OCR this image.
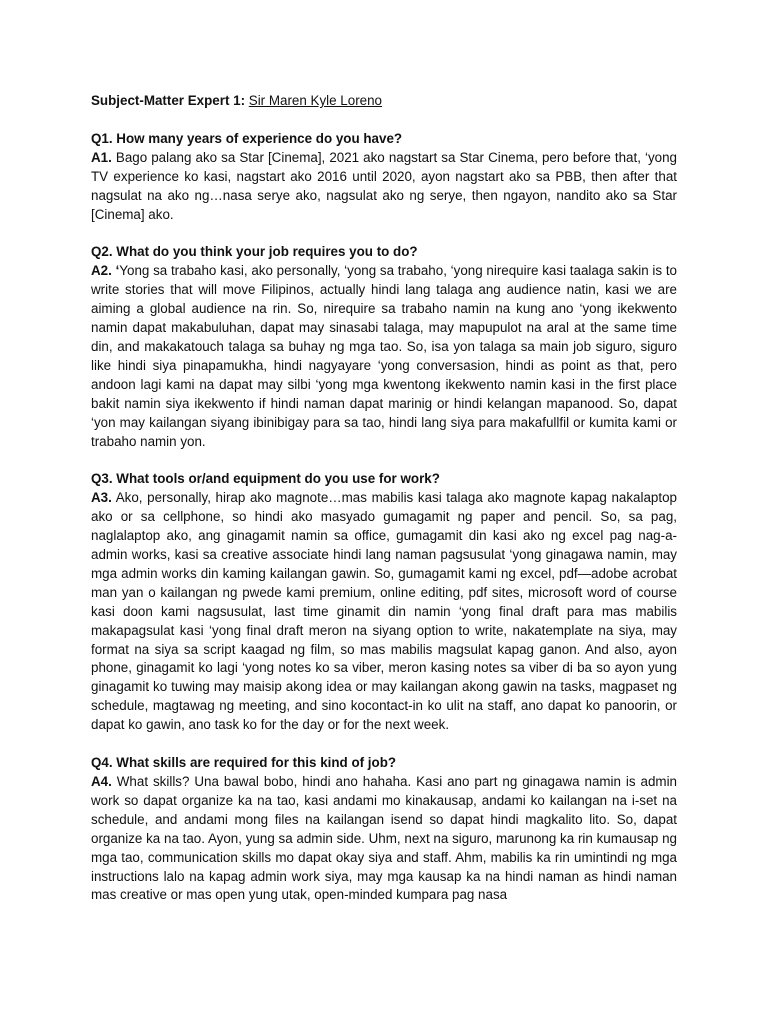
Subject-Matter Expert 1: Sir Maren Kyle Loreno

Q1. How many years of experience do you have?

A1. Bago palang ako sa Star [Cinema], 2021 ako nagstart sa Star Cinema, pero before that, ‘yong TV experience ko kasi, nagstart ako 2016 until 2020, ayon nagstart ako sa PBB, then after that nagsulat na ako ng…nasa serye ako, nagsulat ako ng serye, then ngayon, nandito ako sa Star [Cinema] ako.

Q2. What do you think your job requires you to do?

A2. ‘Yong sa trabaho kasi, ako personally, ‘yong sa trabaho, ‘yong nirequire kasi taalaga sakin is to write stories that will move Filipinos, actually hindi lang talaga ang audience natin, kasi we are aiming a global audience na rin. So, nirequire sa trabaho namin na kung ano ‘yong ikekwento namin dapat makabuluhan, dapat may sinasabi talaga, may mapupulot na aral at the same time din, and makakatouch talaga sa buhay ng mga tao. So, isa yon talaga sa main job siguro, siguro like hindi siya pinapamukha, hindi nagyayare ‘yong conversasion, hindi as point as that, pero andoon lagi kami na dapat may silbi ‘yong mga kwentong ikekwento namin kasi in the first place bakit namin siya ikekwento if hindi naman dapat marinig or hindi kelangan mapanood. So, dapat ‘yon may kailangan siyang ibinibigay para sa tao, hindi lang siya para makafullfil or kumita kami or trabaho namin yon.

Q3. What tools or/and equipment do you use for work?

A3. Ako, personally, hirap ako magnote…mas mabilis kasi talaga ako magnote kapag nakalaptop ako or sa cellphone, so hindi ako masyado gumagamit ng paper and pencil. So, sa pag, naglalaptop ako, ang ginagamit namin sa office, gumagamit din kasi ako ng excel pag nag-a-admin works, kasi sa creative associate hindi lang naman pagsusulat ‘yong ginagawa namin, may mga admin works din kaming kailangan gawin. So, gumagamit kami ng excel, pdf—adobe acrobat man yan o kailangan ng pwede kami premium, online editing, pdf sites, microsoft word of course kasi doon kami nagsusulat, last time ginamit din namin ‘yong final draft para mas mabilis makapagsulat kasi ‘yong final draft meron na siyang option to write, nakatemplate na siya, may format na siya sa script kaagad ng film, so mas mabilis magsulat kapag ganon. And also, ayon phone, ginagamit ko lagi ‘yong notes ko sa viber, meron kasing notes sa viber di ba so ayon yung ginagamit ko tuwing may maisip akong idea or may kailangan akong gawin na tasks, magpaset ng schedule, magtawag ng meeting, and sino kocontact-in ko ulit na staff, ano dapat ko panoorin, or dapat ko gawin, ano task ko for the day or for the next week.

Q4. What skills are required for this kind of job?

A4. What skills? Una bawal bobo, hindi ano hahaha. Kasi ano part ng ginagawa namin is admin work so dapat organize ka na tao, kasi andami mo kinakausap, andami ko kailangan na i-set na schedule, and andami mong files na kailangan isend so dapat hindi magkalito lito. So, dapat organize ka na tao. Ayon, yung sa admin side. Uhm, next na siguro, marunong ka rin kumausap ng mga tao, communication skills mo dapat okay siya and staff. Ahm, mabilis ka rin umintindi ng mga instructions lalo na kapag admin work siya, may mga kausap ka na hindi naman as hindi naman mas creative or mas open yung utak, open-minded kumpara pag nasa
